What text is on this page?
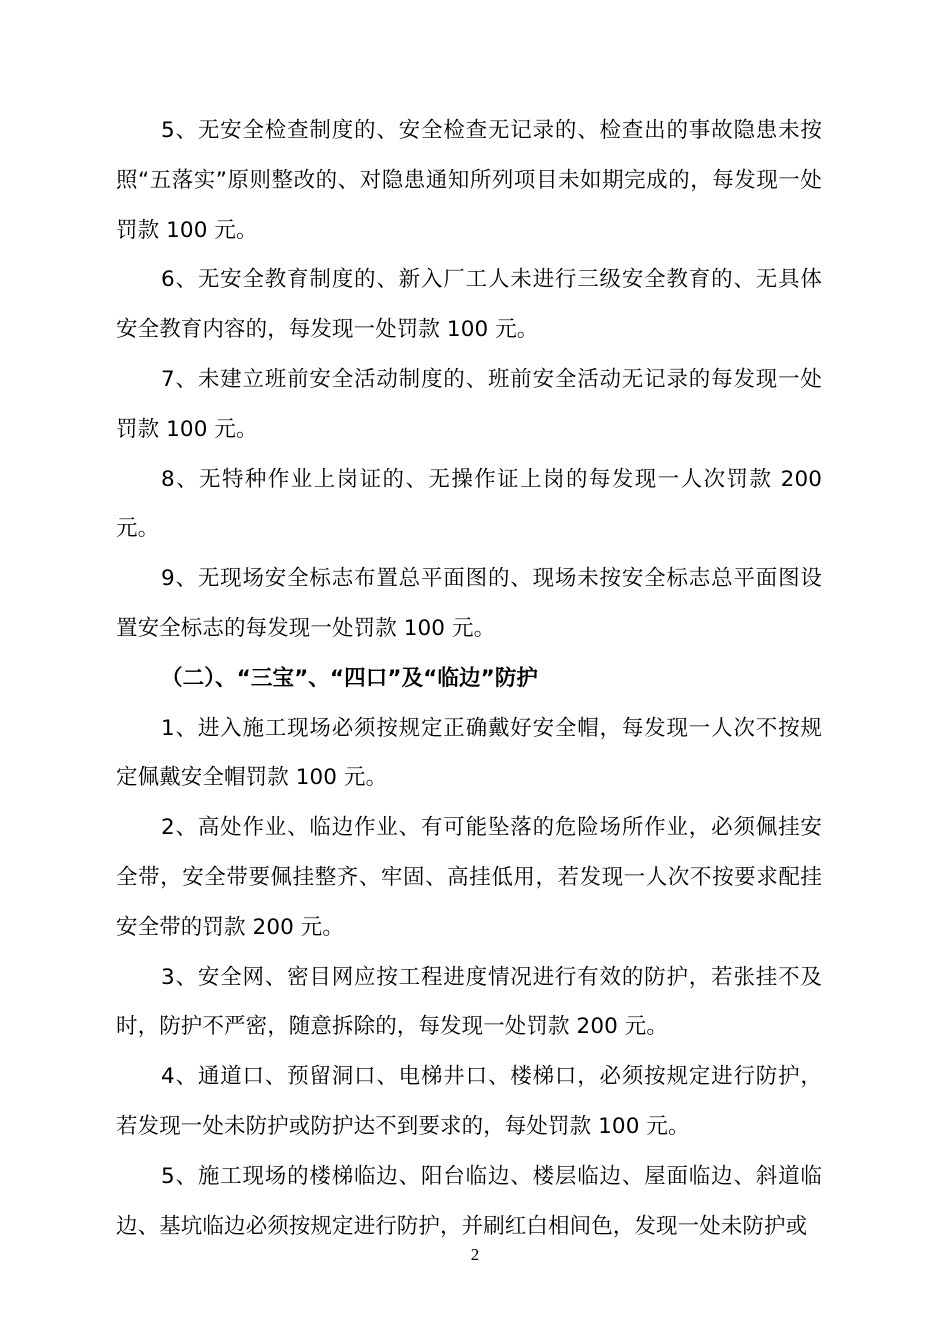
5、无安全检查制度的、安全检查无记录的、检查出的事故隐患未按照“五落实”原则整改的、对隐患通知所列项目未如期完成的，每发现一处罚款 100 元。

6、无安全教育制度的、新入厂工人未进行三级安全教育的、无具体安全教育内容的，每发现一处罚款 100 元。

7、未建立班前安全活动制度的、班前安全活动无记录的每发现一处罚款 100 元。

8、无特种作业上岗证的、无操作证上岗的每发现一人次罚款 200 元。

9、无现场安全标志布置总平面图的、现场未按安全标志总平面图设置安全标志的每发现一处罚款 100 元。

（二）、“三宝”、“四口”及“临边”防护

1、进入施工现场必须按规定正确戴好安全帽，每发现一人次不按规定佩戴安全帽罚款 100 元。

2、高处作业、临边作业、有可能坠落的危险场所作业，必须佩挂安全带，安全带要佩挂整齐、牢固、高挂低用，若发现一人次不按要求配挂安全带的罚款 200 元。

3、安全网、密目网应按工程进度情况进行有效的防护，若张挂不及时，防护不严密，随意拆除的，每发现一处罚款 200 元。

4、通道口、预留洞口、电梯井口、楼梯口，必须按规定进行防护，若发现一处未防护或防护达不到要求的，每处罚款 100 元。

5、施工现场的楼梯临边、阳台临边、楼层临边、屋面临边、斜道临边、基坑临边必须按规定进行防护，并刷红白相间色，发现一处未防护或

2
